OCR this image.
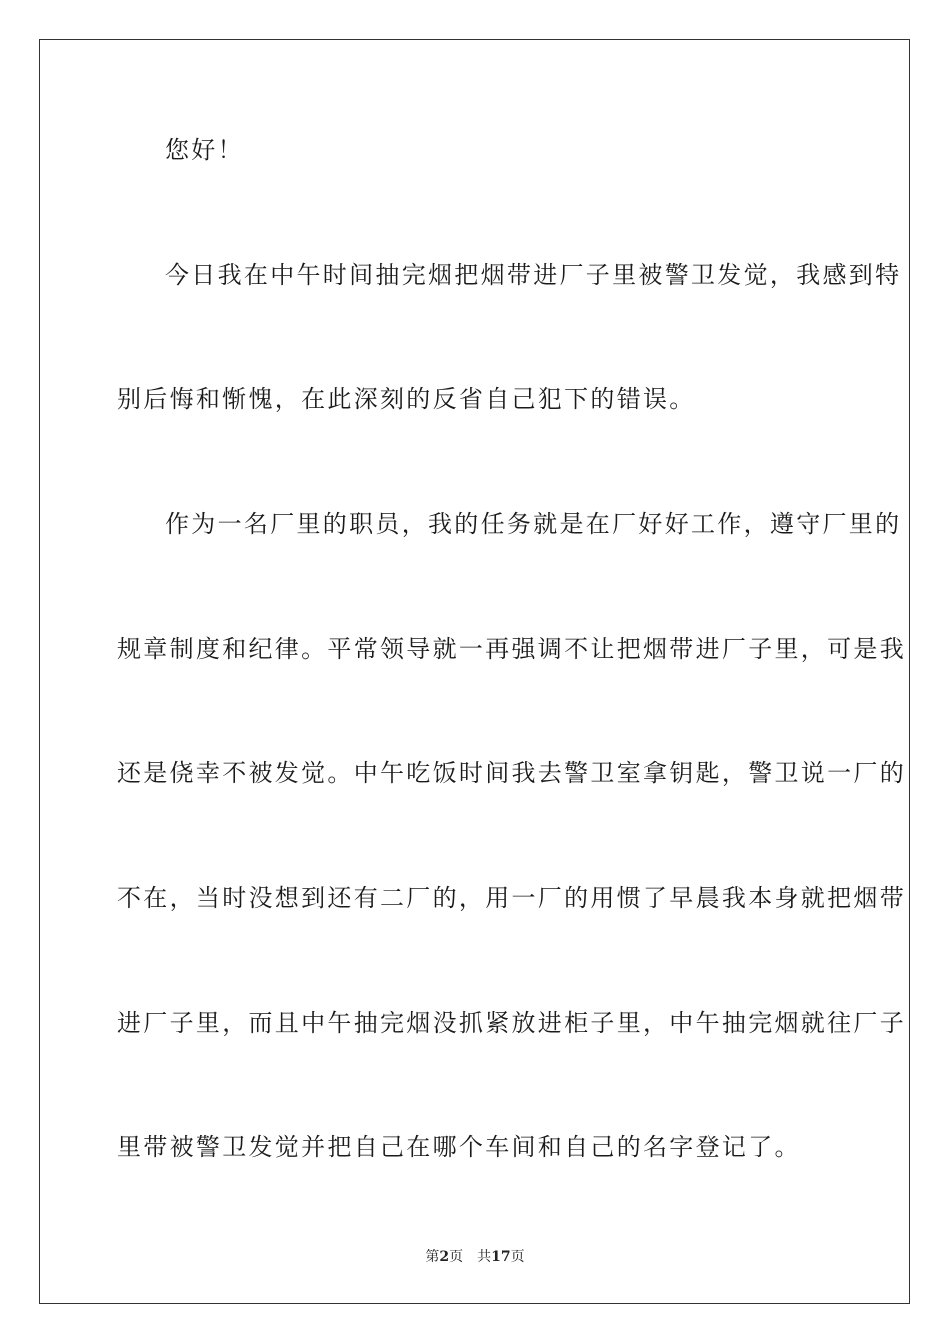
您好！
今日我在中午时间抽完烟把烟带进厂子里被警卫发觉，我感到特
别后悔和惭愧，在此深刻的反省自己犯下的错误。
作为一名厂里的职员，我的任务就是在厂好好工作，遵守厂里的
规章制度和纪律。平常领导就一再强调不让把烟带进厂子里，可是我
还是侥幸不被发觉。中午吃饭时间我去警卫室拿钥匙，警卫说一厂的
不在，当时没想到还有二厂的，用一厂的用惯了早晨我本身就把烟带
进厂子里，而且中午抽完烟没抓紧放进柜子里，中午抽完烟就往厂子
里带被警卫发觉并把自己在哪个车间和自己的名字登记了。
第2页 共17页
